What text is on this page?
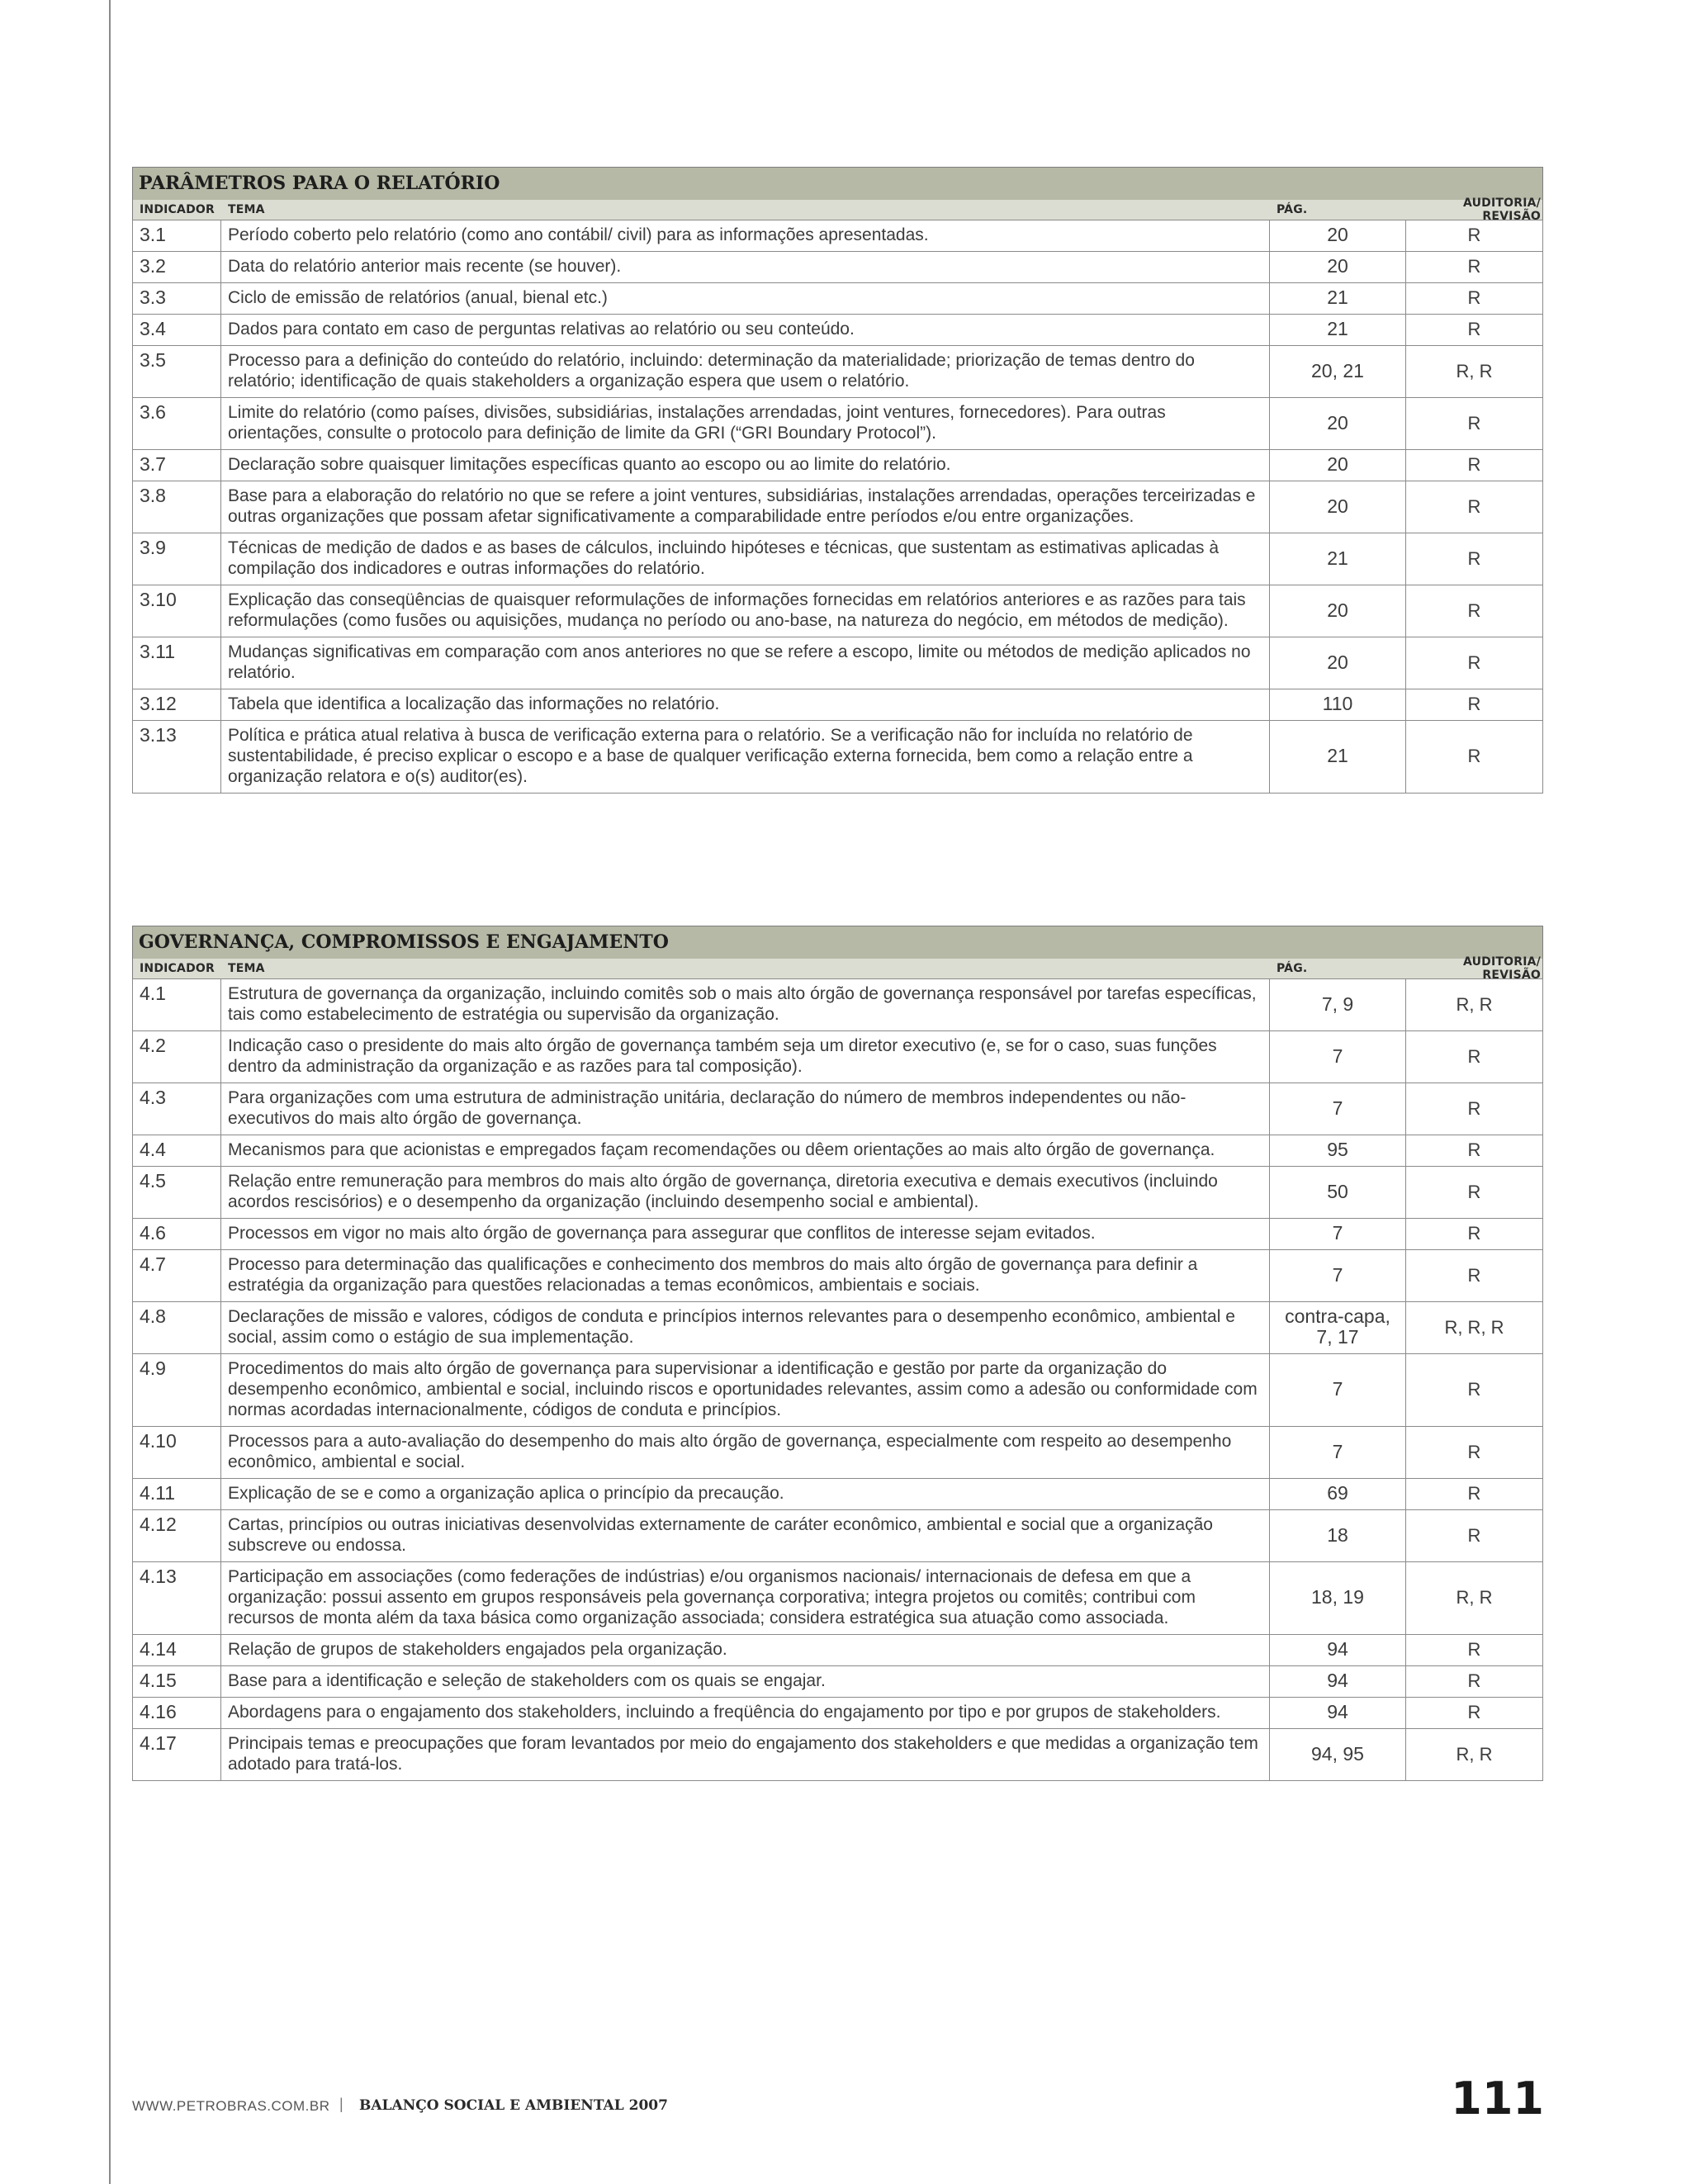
PARÂMETROS PARA O RELATÓRIO
INDICADOR	TEMA	PÁG.	AUDITORIA/ REVISÃO
3.1	Período coberto pelo relatório (como ano contábil/ civil) para as informações apresentadas.	20	R
3.2	Data do relatório anterior mais recente (se houver).	20	R
3.3	Ciclo de emissão de relatórios (anual, bienal etc.)	21	R
3.4	Dados para contato em caso de perguntas relativas ao relatório ou seu conteúdo.	21	R
3.5	Processo para a definição do conteúdo do relatório, incluindo: determinação da materialidade; priorização de temas dentro do relatório; identificação de quais stakeholders a organização espera que usem o relatório.	20, 21	R, R
3.6	Limite do relatório (como países, divisões, subsidiárias, instalações arrendadas, joint ventures, fornecedores). Para outras orientações, consulte o protocolo para definição de limite da GRI (“GRI Boundary Protocol”).	20	R
3.7	Declaração sobre quaisquer limitações específicas quanto ao escopo ou ao limite do relatório.	20	R
3.8	Base para a elaboração do relatório no que se refere a joint ventures, subsidiárias, instalações arrendadas, operações terceirizadas e outras organizações que possam afetar significativamente a comparabilidade entre períodos e/ou entre organizações.	20	R
3.9	Técnicas de medição de dados e as bases de cálculos, incluindo hipóteses e técnicas, que sustentam as estimativas aplicadas à compilação dos indicadores e outras informações do relatório.	21	R
3.10	Explicação das conseqüências de quaisquer reformulações de informações fornecidas em relatórios anteriores e as razões para tais reformulações (como fusões ou aquisições, mudança no período ou ano-base, na natureza do negócio, em métodos de medição).	20	R
3.11	Mudanças significativas em comparação com anos anteriores no que se refere a escopo, limite ou métodos de medição aplicados no relatório.	20	R
3.12	Tabela que identifica a localização das informações no relatório.	110	R
3.13	Política e prática atual relativa à busca de verificação externa para o relatório. Se a verificação não for incluída no relatório de sustentabilidade, é preciso explicar o escopo e a base de qualquer verificação externa fornecida, bem como a relação entre a organização relatora e o(s) auditor(es).	21	R
GOVERNANÇA, COMPROMISSOS E ENGAJAMENTO
INDICADOR	TEMA	PÁG.	AUDITORIA/ REVISÃO
4.1	Estrutura de governança da organização, incluindo comitês sob o mais alto órgão de governança responsável por tarefas específicas, tais como estabelecimento de estratégia ou supervisão da organização.	7, 9	R, R
4.2	Indicação caso o presidente do mais alto órgão de governança também seja um diretor executivo (e, se for o caso, suas funções dentro da administração da organização e as razões para tal composição).	7	R
4.3	Para organizações com uma estrutura de administração unitária, declaração do número de membros independentes ou não-executivos do mais alto órgão de governança.	7	R
4.4	Mecanismos para que acionistas e empregados façam recomendações ou dêem orientações ao mais alto órgão de governança.	95	R
4.5	Relação entre remuneração para membros do mais alto órgão de governança, diretoria executiva e demais executivos (incluindo acordos rescisórios) e o desempenho da organização (incluindo desempenho social e ambiental).	50	R
4.6	Processos em vigor no mais alto órgão de governança para assegurar que conflitos de interesse sejam evitados.	7	R
4.7	Processo para determinação das qualificações e conhecimento dos membros do mais alto órgão de governança para definir a estratégia da organização para questões relacionadas a temas econômicos, ambientais e sociais.	7	R
4.8	Declarações de missão e valores, códigos de conduta e princípios internos relevantes para o desempenho econômico, ambiental e social, assim como o estágio de sua implementação.	contra-capa, 7, 17	R, R, R
4.9	Procedimentos do mais alto órgão de governança para supervisionar a identificação e gestão por parte da organização do desempenho econômico, ambiental e social, incluindo riscos e oportunidades relevantes, assim como a adesão ou conformidade com normas acordadas internacionalmente, códigos de conduta e princípios.	7	R
4.10	Processos para a auto-avaliação do desempenho do mais alto órgão de governança, especialmente com respeito ao desempenho econômico, ambiental e social.	7	R
4.11	Explicação de se e como a organização aplica o princípio da precaução.	69	R
4.12	Cartas, princípios ou outras iniciativas desenvolvidas externamente de caráter econômico, ambiental e social que a organização subscreve ou endossa.	18	R
4.13	Participação em associações (como federações de indústrias) e/ou organismos nacionais/ internacionais de defesa em que a organização: possui assento em grupos responsáveis pela governança corporativa; integra projetos ou comitês; contribui com recursos de monta além da taxa básica como organização associada; considera estratégica sua atuação como associada.	18, 19	R, R
4.14	Relação de grupos de stakeholders engajados pela organização.	94	R
4.15	Base para a identificação e seleção de stakeholders com os quais se engajar.	94	R
4.16	Abordagens para o engajamento dos stakeholders, incluindo a freqüência do engajamento por tipo e por grupos de stakeholders.	94	R
4.17	Principais temas e preocupações que foram levantados por meio do engajamento dos stakeholders e que medidas a organização tem adotado para tratá-los.	94, 95	R, R
WWW.PETROBRAS.COM.BR | BALANÇO SOCIAL E AMBIENTAL 2007	111
